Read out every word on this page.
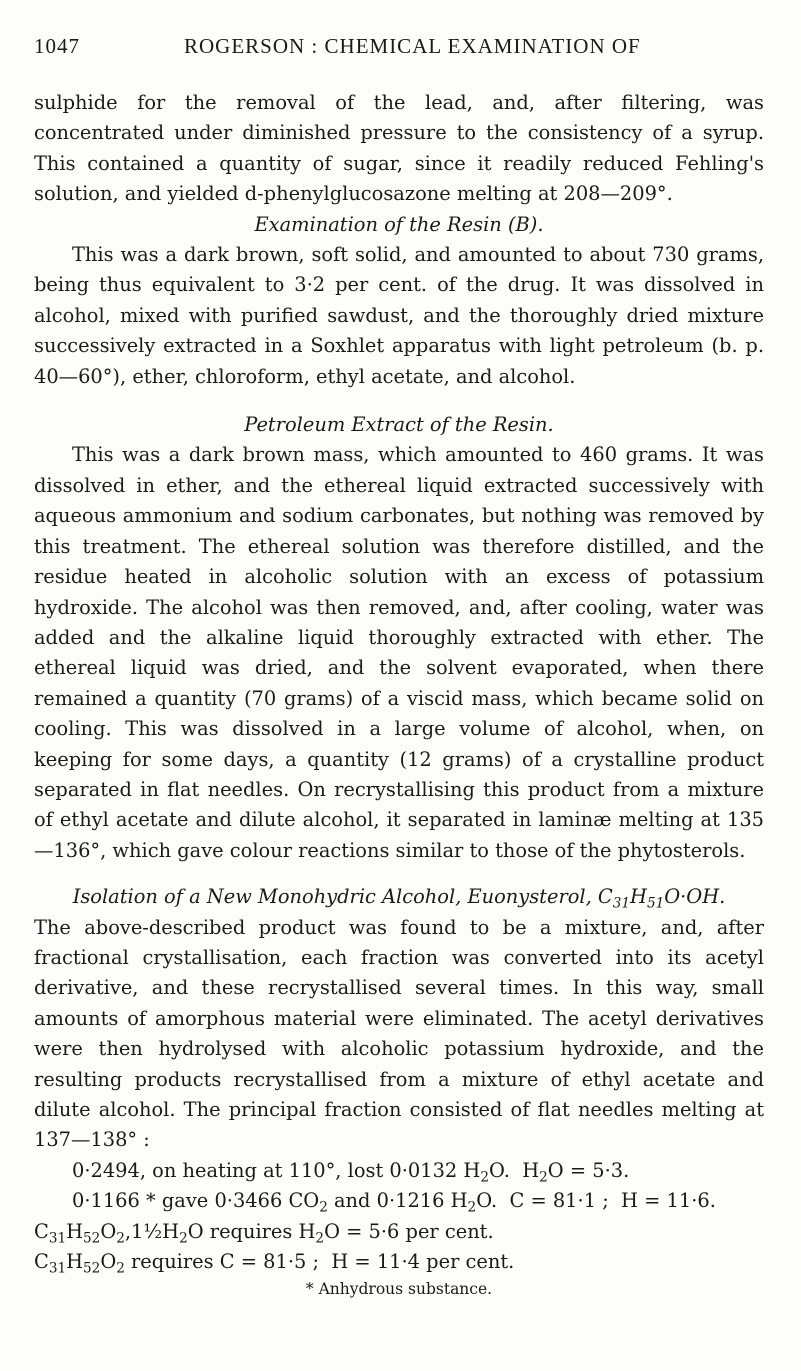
1047	ROGERSON : CHEMICAL EXAMINATION OF

sulphide for the removal of the lead, and, after filtering, was concentrated under diminished pressure to the consistency of a syrup. This contained a quantity of sugar, since it readily reduced Fehling's solution, and yielded d-phenylglucosazone melting at 208—209°.

Examination of the Resin (B).

This was a dark brown, soft solid, and amounted to about 730 grams, being thus equivalent to 3·2 per cent. of the drug. It was dissolved in alcohol, mixed with purified sawdust, and the thoroughly dried mixture successively extracted in a Soxhlet apparatus with light petroleum (b. p. 40—60°), ether, chloroform, ethyl acetate, and alcohol.

Petroleum Extract of the Resin.

This was a dark brown mass, which amounted to 460 grams. It was dissolved in ether, and the ethereal liquid extracted successively with aqueous ammonium and sodium carbonates, but nothing was removed by this treatment. The ethereal solution was therefore distilled, and the residue heated in alcoholic solution with an excess of potassium hydroxide. The alcohol was then removed, and, after cooling, water was added and the alkaline liquid thoroughly extracted with ether. The ethereal liquid was dried, and the solvent evaporated, when there remained a quantity (70 grams) of a viscid mass, which became solid on cooling. This was dissolved in a large volume of alcohol, when, on keeping for some days, a quantity (12 grams) of a crystalline product separated in flat needles. On recrystallising this product from a mixture of ethyl acetate and dilute alcohol, it separated in laminæ melting at 135—136°, which gave colour reactions similar to those of the phytosterols.

Isolation of a New Monohydric Alcohol, Euonysterol, $C_{31}H_{51}O\cdot OH$.

The above-described product was found to be a mixture, and, after fractional crystallisation, each fraction was converted into its acetyl derivative, and these recrystallised several times. In this way, small amounts of amorphous material were eliminated. The acetyl derivatives were then hydrolysed with alcoholic potassium hydroxide, and the resulting products recrystallised from a mixture of ethyl acetate and dilute alcohol. The principal fraction consisted of flat needles melting at 137—138° :

0·2494, on heating at 110°, lost 0·0132 $H_2O$.  $H_2O = 5\cdot 3$.

0·1166 * gave 0·3466 $CO_2$ and 0·1216 $H_2O$.  C = 81·1 ;  H = 11·6.

$C_{31}H_{52}O_2,1\frac{1}{2}H_2O$ requires $H_2O = 5\cdot 6$ per cent.

$C_{31}H_{52}O_2$ requires C = 81·5 ;  H = 11·4 per cent.

* Anhydrous substance.
